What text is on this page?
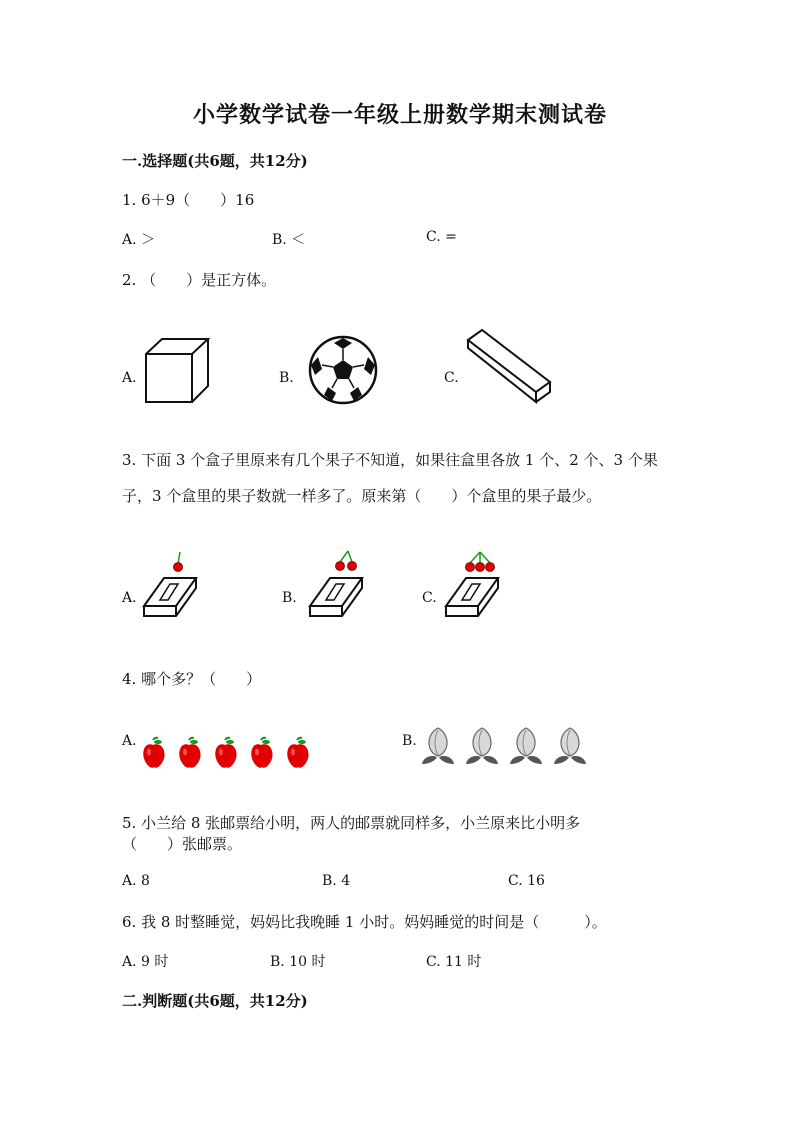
小学数学试卷一年级上册数学期末测试卷
一.选择题(共6题，共12分)
1. 6＋9（　　）16
A. ＞	B. ＜	C. =
2. （　　）是正方体。
A.	B.	C.
3. 下面 3 个盒子里原来有几个果子不知道，如果往盒里各放 1 个、2 个、3 个果
子，3 个盒里的果子数就一样多了。原来第（　　）个盒里的果子最少。
A.	B.	C.
4. 哪个多？（　　）
A.	B.
5. 小兰给 8 张邮票给小明，两人的邮票就同样多，小兰原来比小明多
（　　）张邮票。
A. 8	B. 4	C. 16
6. 我 8 时整睡觉，妈妈比我晚睡 1 小时。妈妈睡觉的时间是（　　　）。
A. 9 时	B. 10 时	C. 11 时
二.判断题(共6题，共12分)
